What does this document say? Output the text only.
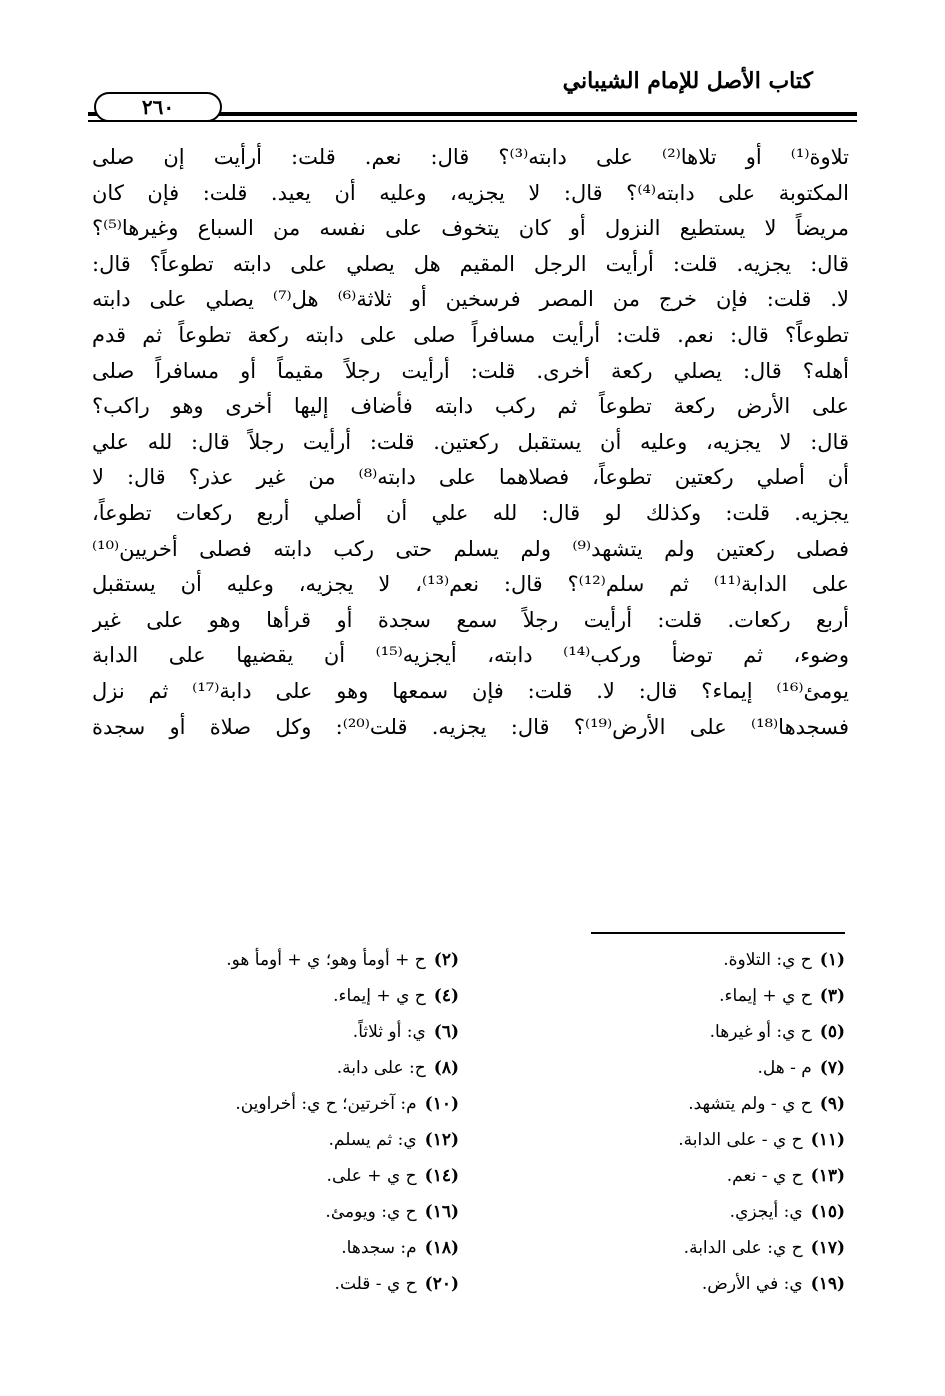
كتاب الأصل للإمام الشيباني
٢٦٠
تلاوة⁽¹⁾ أو تلاها⁽²⁾ على دابته⁽³⁾؟ قال: نعم. قلت: أرأيت إن صلى
المكتوبة على دابته⁽⁴⁾؟ قال: لا يجزيه، وعليه أن يعيد. قلت: فإن كان
مريضاً لا يستطيع النزول أو كان يتخوف على نفسه من السباع وغيرها⁽⁵⁾؟
قال: يجزيه. قلت: أرأيت الرجل المقيم هل يصلي على دابته تطوعاً؟ قال:
لا. قلت: فإن خرج من المصر فرسخين أو ثلاثة⁽⁶⁾ هل⁽⁷⁾ يصلي على دابته
تطوعاً؟ قال: نعم. قلت: أرأيت مسافراً صلى على دابته ركعة تطوعاً ثم قدم
أهله؟ قال: يصلي ركعة أخرى. قلت: أرأيت رجلاً مقيماً أو مسافراً صلى
على الأرض ركعة تطوعاً ثم ركب دابته فأضاف إليها أخرى وهو راكب؟
قال: لا يجزيه، وعليه أن يستقبل ركعتين. قلت: أرأيت رجلاً قال: لله علي
أن أصلي ركعتين تطوعاً، فصلاهما على دابته⁽⁸⁾ من غير عذر؟ قال: لا
يجزيه. قلت: وكذلك لو قال: لله علي أن أصلي أربع ركعات تطوعاً،
فصلى ركعتين ولم يتشهد⁽⁹⁾ ولم يسلم حتى ركب دابته فصلى أخريين⁽¹⁰⁾
على الدابة⁽¹¹⁾ ثم سلم⁽¹²⁾؟ قال: نعم⁽¹³⁾، لا يجزيه، وعليه أن يستقبل
أربع ركعات. قلت: أرأيت رجلاً سمع سجدة أو قرأها وهو على غير
وضوء، ثم توضأ وركب⁽¹⁴⁾ دابته، أيجزيه⁽¹⁵⁾ أن يقضيها على الدابة
يومئ⁽¹⁶⁾ إيماء؟ قال: لا. قلت: فإن سمعها وهو على دابة⁽¹⁷⁾ ثم نزل
فسجدها⁽¹⁸⁾ على الأرض⁽¹⁹⁾؟ قال: يجزيه. قلت⁽²⁰⁾: وكل صلاة أو سجدة
(١)ح ي: التلاوة.
(٣)ح ي + إيماء.
(٥)ح ي: أو غيرها.
(٧)م - هل.
(٩)ح ي - ولم يتشهد.
(١١)ح ي - على الدابة.
(١٣)ح ي - نعم.
(١٥)ي: أيجزي.
(١٧)ح ي: على الدابة.
(١٩)ي: في الأرض.
(٢)ح + أومأ وهو؛ ي + أومأ هو.
(٤)ح ي + إيماء.
(٦)ي: أو ثلاثاً.
(٨)ح: على دابة.
(١٠)م: آخرتين؛ ح ي: أخراوين.
(١٢)ي: ثم يسلم.
(١٤)ح ي + على.
(١٦)ح ي: ويومئ.
(١٨)م: سجدها.
(٢٠)ح ي - قلت.
